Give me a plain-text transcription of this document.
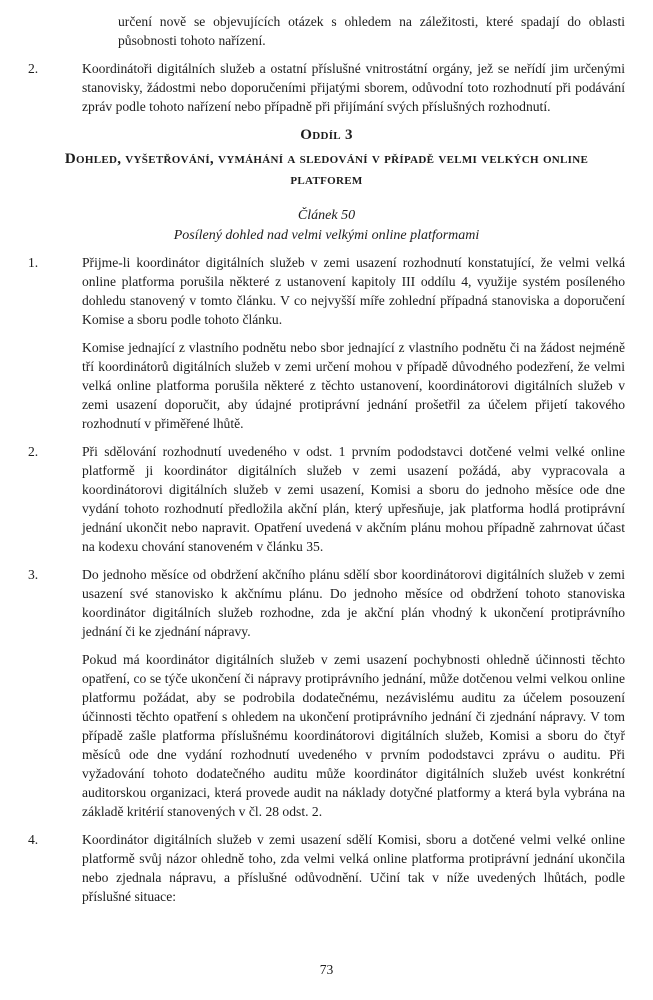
určení nově se objevujících otázek s ohledem na záležitosti, které spadají do oblasti působnosti tohoto nařízení.

2.	Koordinátoři digitálních služeb a ostatní příslušné vnitrostátní orgány, jež se neřídí jim určenými stanovisky, žádostmi nebo doporučeními přijatými sborem, odůvodní toto rozhodnutí při podávání zpráv podle tohoto nařízení nebo případně při přijímání svých příslušných rozhodnutí.

Oddíl 3
Dohled, vyšetřování, vymáhání a sledování v případě velmi velkých online platforem
Článek 50
Posílený dohled nad velmi velkými online platformami
1.	Přijme-li koordinátor digitálních služeb v zemi usazení rozhodnutí konstatující, že velmi velká online platforma porušila některé z ustanovení kapitoly III oddílu 4, využije systém posíleného dohledu stanovený v tomto článku. V co nejvyšší míře zohlední případná stanoviska a doporučení Komise a sboru podle tohoto článku.

Komise jednající z vlastního podnětu nebo sbor jednající z vlastního podnětu či na žádost nejméně tří koordinátorů digitálních služeb v zemi určení mohou v případě důvodného podezření, že velmi velká online platforma porušila některé z těchto ustanovení, koordinátorovi digitálních služeb v zemi usazení doporučit, aby údajné protiprávní jednání prošetřil za účelem přijetí takového rozhodnutí v přiměřené lhůtě.

2.	Při sdělování rozhodnutí uvedeného v odst. 1 prvním pododstavci dotčené velmi velké online platformě ji koordinátor digitálních služeb v zemi usazení požádá, aby vypracovala a koordinátorovi digitálních služeb v zemi usazení, Komisi a sboru do jednoho měsíce ode dne vydání tohoto rozhodnutí předložila akční plán, který upřesňuje, jak platforma hodlá protiprávní jednání ukončit nebo napravit. Opatření uvedená v akčním plánu mohou případně zahrnovat účast na kodexu chování stanoveném v článku 35.

3.	Do jednoho měsíce od obdržení akčního plánu sdělí sbor koordinátorovi digitálních služeb v zemi usazení své stanovisko k akčnímu plánu. Do jednoho měsíce od obdržení tohoto stanoviska koordinátor digitálních služeb rozhodne, zda je akční plán vhodný k ukončení protiprávního jednání či ke zjednání nápravy.

Pokud má koordinátor digitálních služeb v zemi usazení pochybnosti ohledně účinnosti těchto opatření, co se týče ukončení či nápravy protiprávního jednání, může dotčenou velmi velkou online platformu požádat, aby se podrobila dodatečnému, nezávislému auditu za účelem posouzení účinnosti těchto opatření s ohledem na ukončení protiprávního jednání či zjednání nápravy. V tom případě zašle platforma příslušnému koordinátorovi digitálních služeb, Komisi a sboru do čtyř měsíců ode dne vydání rozhodnutí uvedeného v prvním pododstavci zprávu o auditu. Při vyžadování tohoto dodatečného auditu může koordinátor digitálních služeb uvést konkrétní auditorskou organizaci, která provede audit na náklady dotyčné platformy a která byla vybrána na základě kritérií stanovených v čl. 28 odst. 2.

4.	Koordinátor digitálních služeb v zemi usazení sdělí Komisi, sboru a dotčené velmi velké online platformě svůj názor ohledně toho, zda velmi velká online platforma protiprávní jednání ukončila nebo zjednala nápravu, a příslušné odůvodnění. Učiní tak v níže uvedených lhůtách, podle příslušné situace:

73
